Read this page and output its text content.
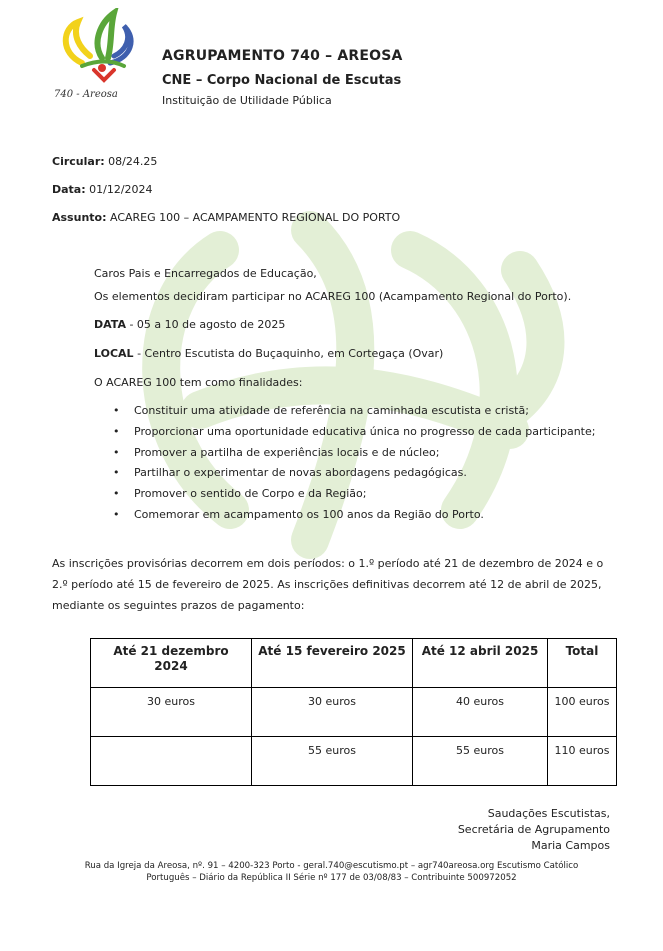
740 - Areosa
AGRUPAMENTO 740 – AREOSA
CNE – Corpo Nacional de Escutas
Instituição de Utilidade Pública
Circular: 08/24.25
Data: 01/12/2024
Assunto: ACAREG 100 – ACAMPAMENTO REGIONAL DO PORTO
Caros Pais e Encarregados de Educação,
Os elementos decidiram participar no ACAREG 100 (Acampamento Regional do Porto).
DATA - 05 a 10 de agosto de 2025
LOCAL - Centro Escutista do Buçaquinho, em Cortegaça (Ovar)
O ACAREG 100 tem como finalidades:
• Constituir uma atividade de referência na caminhada escutista e cristã;
• Proporcionar uma oportunidade educativa única no progresso de cada participante;
• Promover a partilha de experiências locais e de núcleo;
• Partilhar o experimentar de novas abordagens pedagógicas.
• Promover o sentido de Corpo e da Região;
• Comemorar em acampamento os 100 anos da Região do Porto.
As inscrições provisórias decorrem em dois períodos: o 1.º período até 21 de dezembro de 2024 e o 2.º período até 15 de fevereiro de 2025. As inscrições definitivas decorrem até 12 de abril de 2025, mediante os seguintes prazos de pagamento:
Até 21 dezembro 2024	Até 15 fevereiro 2025	Até 12 abril 2025	Total
30 euros	30 euros	40 euros	100 euros
	55 euros	55 euros	110 euros
Saudações Escutistas,
Secretária de Agrupamento
Maria Campos
Rua da Igreja da Areosa, nº. 91 – 4200-323 Porto - geral.740@escutismo.pt – agr740areosa.org Escutismo Católico
Português – Diário da República II Série nº 177 de 03/08/83 – Contribuinte 500972052
